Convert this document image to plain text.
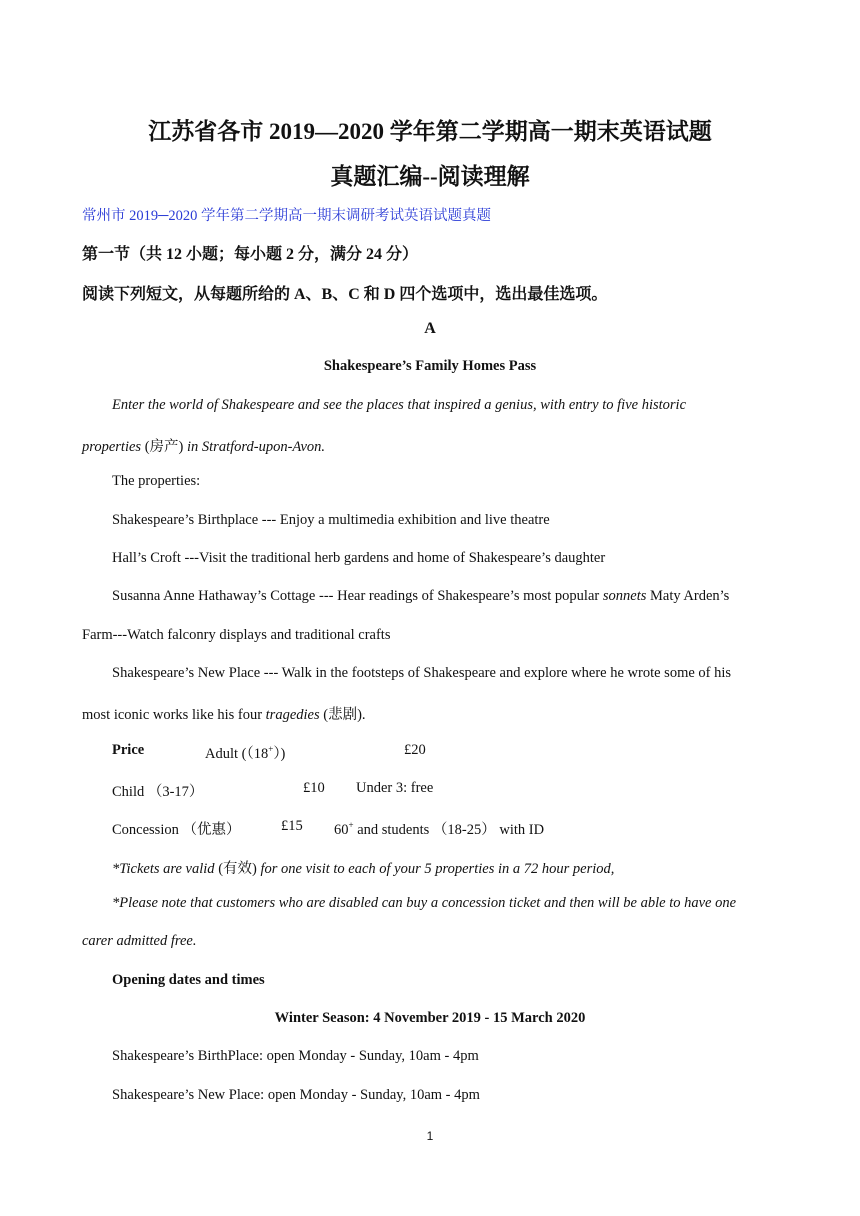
江苏省各市 2019—2020 学年第二学期高一期末英语试题
真题汇编--阅读理解
常州市 2019─2020 学年第二学期高一期末调研考试英语试题真题
第一节（共 12 小题；每小题 2 分，满分 24 分）
阅读下列短文，从每题所给的 A、B、C 和 D 四个选项中，选出最佳选项。
A
Shakespeare’s Family Homes Pass
Enter the world of Shakespeare and see the places that inspired a genius, with entry to five historic
properties (房产) in Stratford-upon-Avon.
The properties:
Shakespeare’s Birthplace --- Enjoy a multimedia exhibition and live theatre
Hall’s Croft ---Visit the traditional herb gardens and home of Shakespeare’s daughter
Susanna Anne Hathaway’s Cottage --- Hear readings of Shakespeare’s most popular sonnets Maty Arden’s
Farm---Watch falconry displays and traditional crafts
Shakespeare’s New Place --- Walk in the footsteps of Shakespeare and explore where he wrote some of his
most iconic works like his four tragedies (悲剧).
Price	Adult (（18+）)	£20
Child （3-17）	£10 Under 3: free
Concession （优惠）	£15 60+ and students （18-25） with ID
*Tickets are valid (有效) for one visit to each of your 5 properties in a 72 hour period,
*Please note that customers who are disabled can buy a concession ticket and then will be able to have one
carer admitted free.
Opening dates and times
Winter Season: 4 November 2019 - 15 March 2020
Shakespeare’s BirthPlace: open Monday - Sunday, 10am - 4pm
Shakespeare’s New Place: open Monday - Sunday, 10am - 4pm
1
